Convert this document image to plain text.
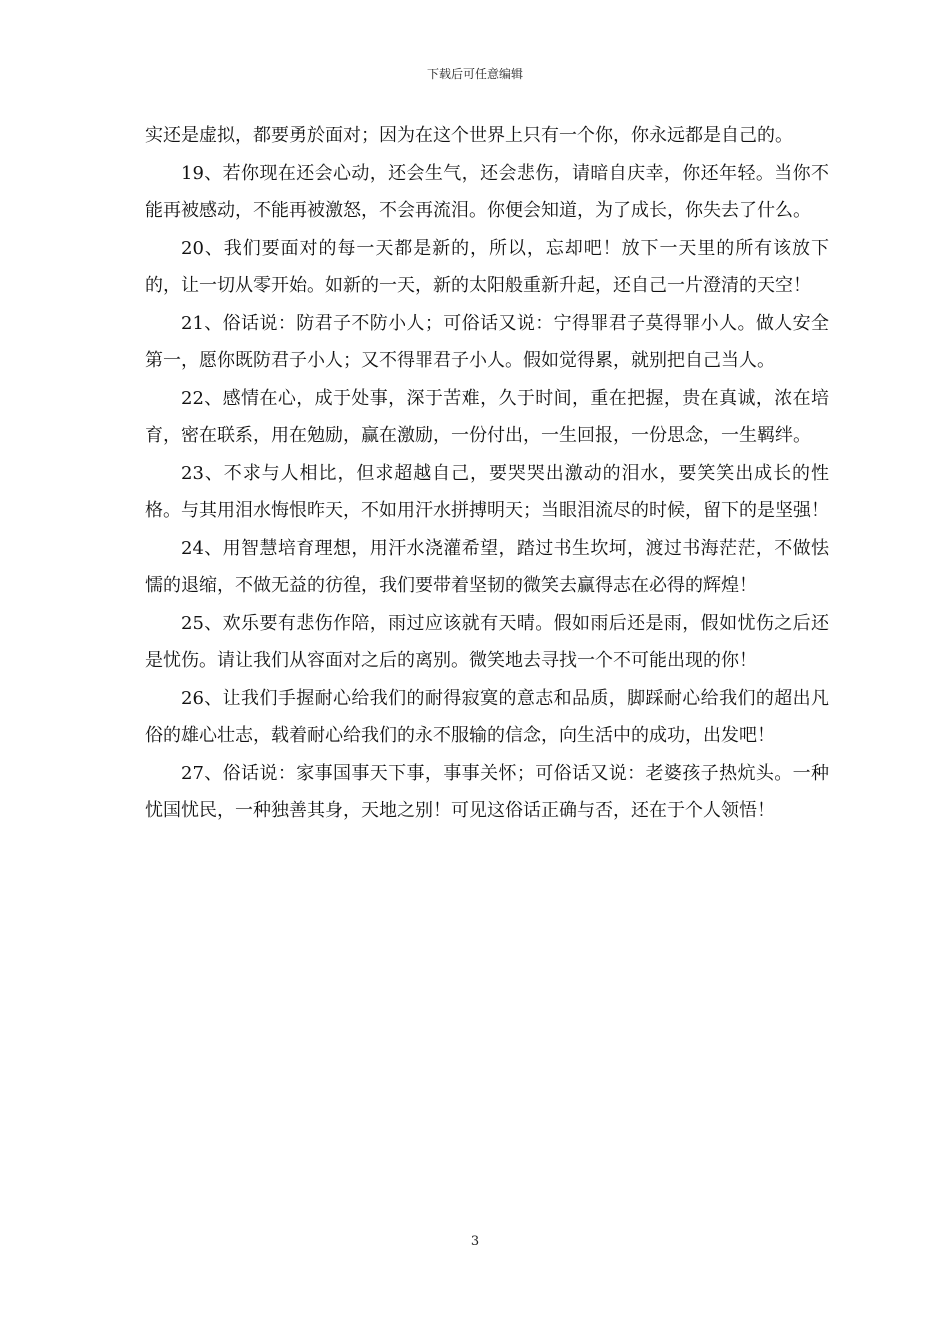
下载后可任意编辑

实还是虚拟，都要勇於面对；因为在这个世界上只有一个你，你永远都是自己的。

19、若你现在还会心动，还会生气，还会悲伤，请暗自庆幸，你还年轻。当你不能再被感动，不能再被激怒，不会再流泪。你便会知道，为了成长，你失去了什么。

20、我们要面对的每一天都是新的，所以，忘却吧！放下一天里的所有该放下的，让一切从零开始。如新的一天，新的太阳般重新升起，还自己一片澄清的天空！

21、俗话说：防君子不防小人；可俗话又说：宁得罪君子莫得罪小人。做人安全第一，愿你既防君子小人；又不得罪君子小人。假如觉得累，就别把自己当人。

22、感情在心，成于处事，深于苦难，久于时间，重在把握，贵在真诚，浓在培育，密在联系，用在勉励，赢在激励，一份付出，一生回报，一份思念，一生羁绊。

23、不求与人相比，但求超越自己，要哭哭出激动的泪水，要笑笑出成长的性格。与其用泪水悔恨昨天，不如用汗水拼搏明天；当眼泪流尽的时候，留下的是坚强！

24、用智慧培育理想，用汗水浇灌希望，踏过书生坎坷，渡过书海茫茫，不做怯懦的退缩，不做无益的彷徨，我们要带着坚韧的微笑去赢得志在必得的辉煌！

25、欢乐要有悲伤作陪，雨过应该就有天晴。假如雨后还是雨，假如忧伤之后还是忧伤。请让我们从容面对之后的离别。微笑地去寻找一个不可能出现的你！

26、让我们手握耐心给我们的耐得寂寞的意志和品质，脚踩耐心给我们的超出凡俗的雄心壮志，载着耐心给我们的永不服输的信念，向生活中的成功，出发吧！

27、俗话说：家事国事天下事，事事关怀；可俗话又说：老婆孩子热炕头。一种忧国忧民，一种独善其身，天地之别！可见这俗话正确与否，还在于个人领悟！

3
